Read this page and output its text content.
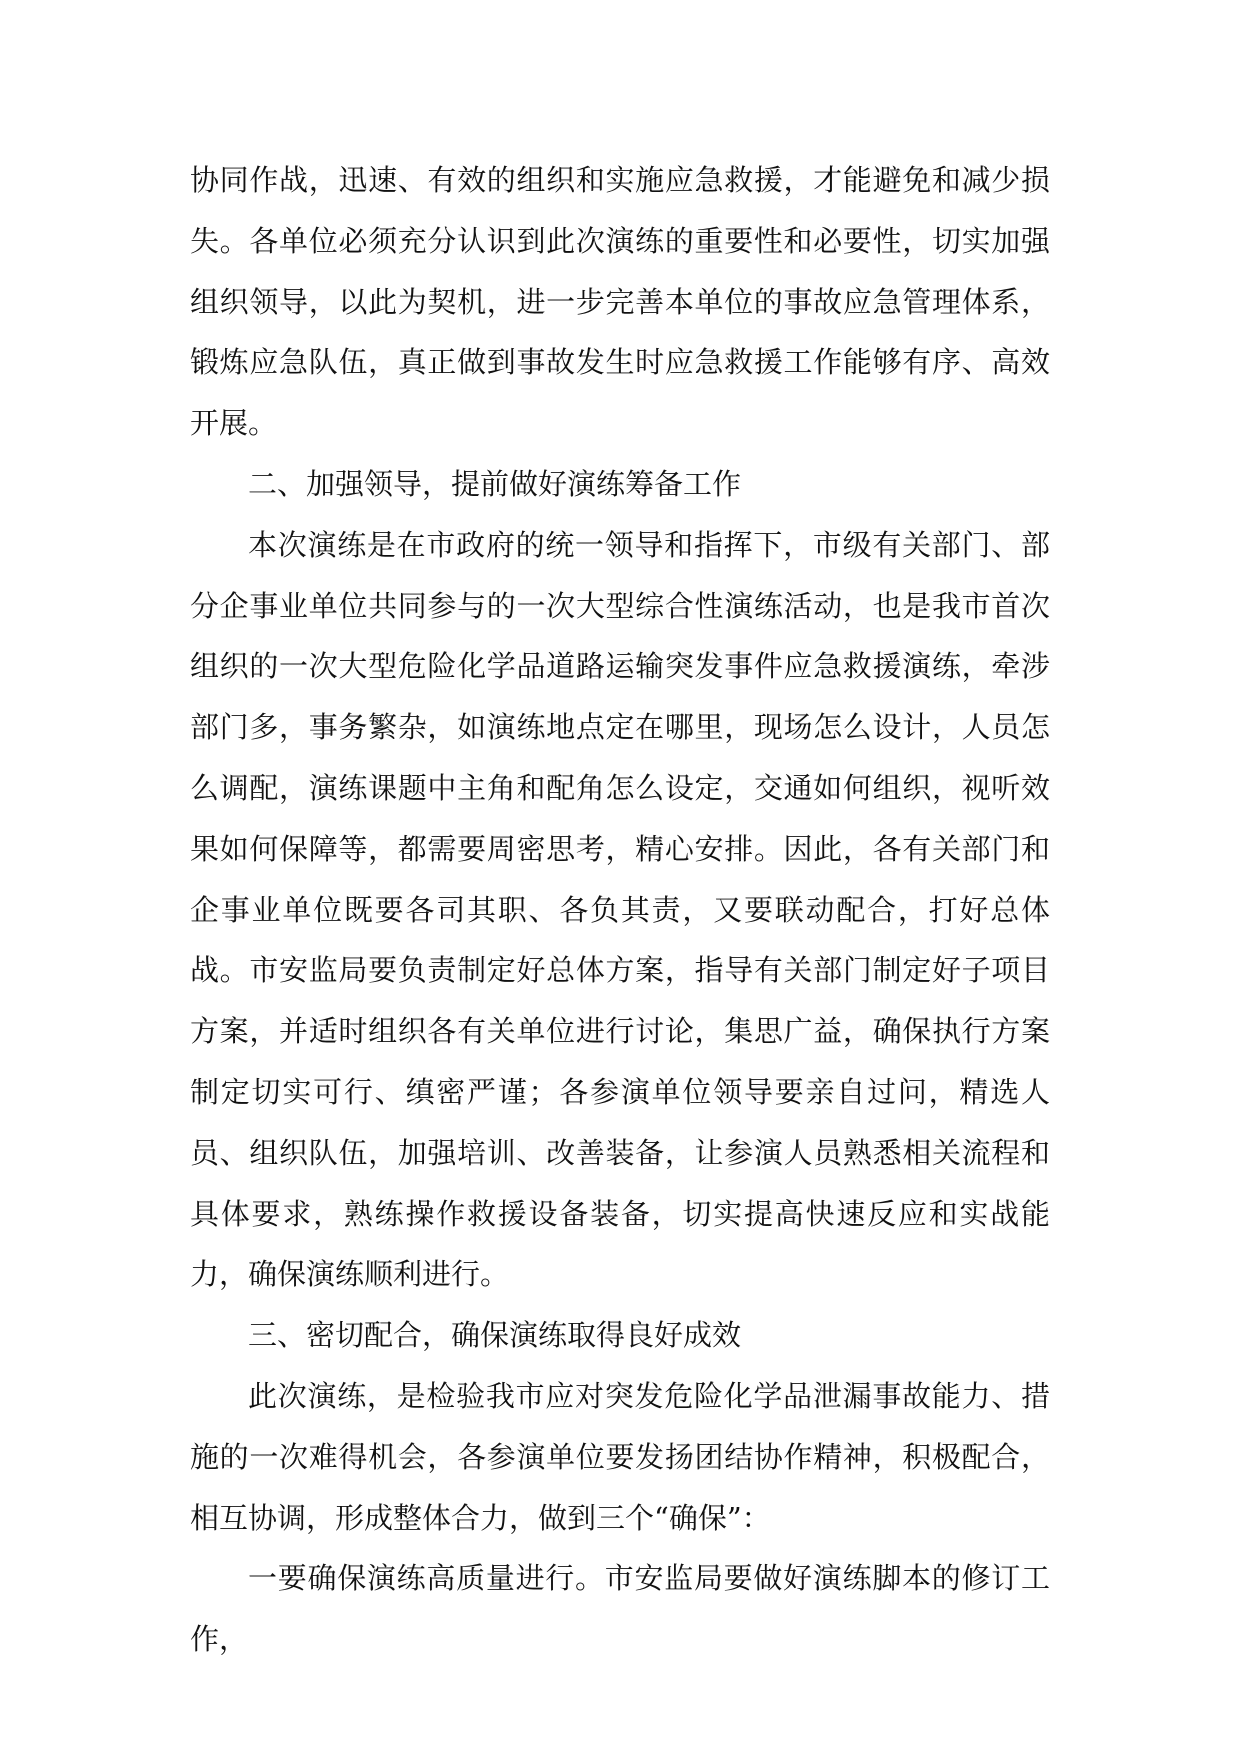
协同作战，迅速、有效的组织和实施应急救援，才能避免和减少损失。各单位必须充分认识到此次演练的重要性和必要性，切实加强组织领导，以此为契机，进一步完善本单位的事故应急管理体系，锻炼应急队伍，真正做到事故发生时应急救援工作能够有序、高效开展。

二、加强领导，提前做好演练筹备工作

本次演练是在市政府的统一领导和指挥下，市级有关部门、部分企事业单位共同参与的一次大型综合性演练活动，也是我市首次组织的一次大型危险化学品道路运输突发事件应急救援演练，牵涉部门多，事务繁杂，如演练地点定在哪里，现场怎么设计，人员怎么调配，演练课题中主角和配角怎么设定，交通如何组织，视听效果如何保障等，都需要周密思考，精心安排。因此，各有关部门和企事业单位既要各司其职、各负其责，又要联动配合，打好总体战。市安监局要负责制定好总体方案，指导有关部门制定好子项目方案，并适时组织各有关单位进行讨论，集思广益，确保执行方案制定切实可行、缜密严谨；各参演单位领导要亲自过问，精选人员、组织队伍，加强培训、改善装备，让参演人员熟悉相关流程和具体要求，熟练操作救援设备装备，切实提高快速反应和实战能力，确保演练顺利进行。

三、密切配合，确保演练取得良好成效

此次演练，是检验我市应对突发危险化学品泄漏事故能力、措施的一次难得机会，各参演单位要发扬团结协作精神，积极配合，相互协调，形成整体合力，做到三个“确保”：

一要确保演练高质量进行。市安监局要做好演练脚本的修订工作，
